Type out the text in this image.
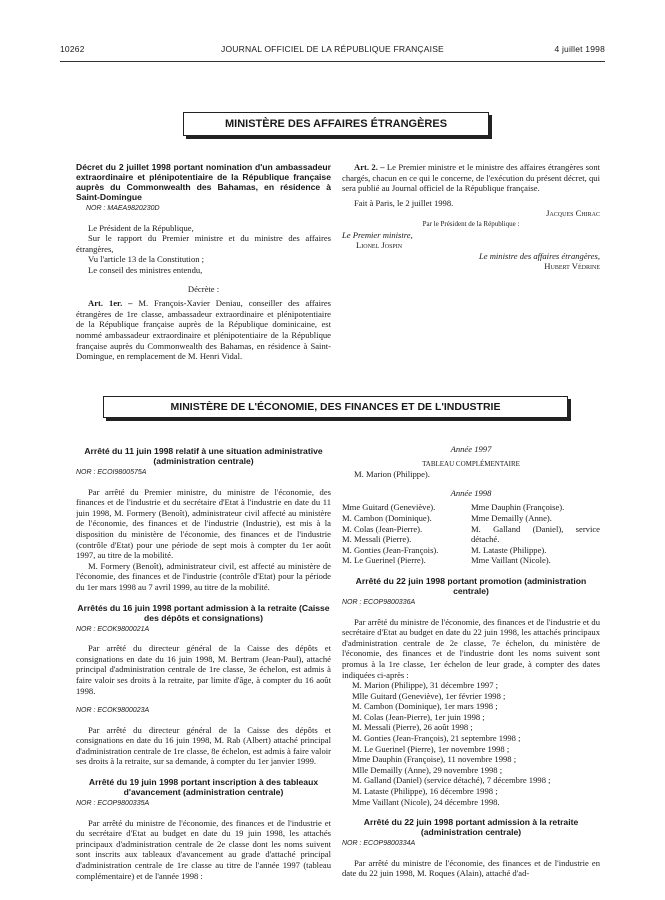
10262	JOURNAL OFFICIEL DE LA RÉPUBLIQUE FRANÇAISE	4 juillet 1998
MINISTÈRE DES AFFAIRES ÉTRANGÈRES

Décret du 2 juillet 1998 portant nomination d'un ambassadeur extraordinaire et plénipotentiaire de la République française auprès du Commonwealth des Bahamas, en résidence à Saint-Domingue

NOR : MAEA9820230D

Le Président de la République,

Sur le rapport du Premier ministre et du ministre des affaires étrangères,

Vu l'article 13 de la Constitution ;

Le conseil des ministres entendu,

Décrète :

Art. 1er. – M. François-Xavier Deniau, conseiller des affaires étrangères de 1re classe, ambassadeur extraordinaire et plénipotentiaire de la République française auprès de la République dominicaine, est nommé ambassadeur extraordinaire et plénipotentiaire de la République française auprès du Commonwealth des Bahamas, en résidence à Saint-Domingue, en remplacement de M. Henri Vidal.

Art. 2. – Le Premier ministre et le ministre des affaires étrangères sont chargés, chacun en ce qui le concerne, de l'exécution du présent décret, qui sera publié au Journal officiel de la République française.

Fait à Paris, le 2 juillet 1998.

Jacques Chirac

Par le Président de la République :

Le Premier ministre,

Lionel Jospin

Le ministre des affaires étrangères,

Hubert Védrine

MINISTÈRE DE L'ÉCONOMIE, DES FINANCES ET DE L'INDUSTRIE

Arrêté du 11 juin 1998 relatif à une situation administrative (administration centrale)

NOR : ECOI9800575A

Par arrêté du Premier ministre, du ministre de l'économie, des finances et de l'industrie et du secrétaire d'Etat à l'industrie en date du 11 juin 1998, M. Formery (Benoît), administrateur civil affecté au ministère de l'économie, des finances et de l'industrie (Industrie), est mis à la disposition du ministère de l'économie, des finances et de l'industrie (contrôle d'Etat) pour une période de sept mois à compter du 1er août 1997, au titre de la mobilité.

M. Formery (Benoît), administrateur civil, est affecté au ministère de l'économie, des finances et de l'industrie (contrôle d'Etat) pour la période du 1er mars 1998 au 7 avril 1999, au titre de la mobilité.

Arrêtés du 16 juin 1998 portant admission à la retraite (Caisse des dépôts et consignations)

NOR : ECOK9800021A

Par arrêté du directeur général de la Caisse des dépôts et consignations en date du 16 juin 1998, M. Bertram (Jean-Paul), attaché principal d'administration centrale de 1re classe, 3e échelon, est admis à faire valoir ses droits à la retraite, par limite d'âge, à compter du 16 août 1998.

NOR : ECOK9800023A

Par arrêté du directeur général de la Caisse des dépôts et consignations en date du 16 juin 1998, M. Rab (Albert) attaché principal d'administration centrale de 1re classe, 8e échelon, est admis à faire valoir ses droits à la retraite, sur sa demande, à compter du 1er janvier 1999.

Arrêté du 19 juin 1998 portant inscription à des tableaux d'avancement (administration centrale)

NOR : ECOP9800335A

Par arrêté du ministre de l'économie, des finances et de l'industrie et du secrétaire d'Etat au budget en date du 19 juin 1998, les attachés principaux d'administration centrale de 2e classe dont les noms suivent sont inscrits aux tableaux d'avancement au grade d'attaché principal d'administration centrale de 1re classe au titre de l'année 1997 (tableau complémentaire) et de l'année 1998 :

Année 1997

TABLEAU COMPLÉMENTAIRE

M. Marion (Philippe).

Année 1998

Mme Guitard (Geneviève).

M. Cambon (Dominique).

M. Colas (Jean-Pierre).

M. Messali (Pierre).

M. Gonties (Jean-François).

M. Le Guerinel (Pierre).

Mme Dauphin (Françoise).

Mme Demailly (Anne).

M. Galland (Daniel), service détaché.

M. Lataste (Philippe).

Mme Vaillant (Nicole).

Arrêté du 22 juin 1998 portant promotion (administration centrale)

NOR : ECOP9800336A

Par arrêté du ministre de l'économie, des finances et de l'industrie et du secrétaire d'Etat au budget en date du 22 juin 1998, les attachés principaux d'administration centrale de 2e classe, 7e échelon, du ministère de l'économie, des finances et de l'industrie dont les noms suivent sont promus à la 1re classe, 1er échelon de leur grade, à compter des dates indiquées ci-après :

M. Marion (Philippe), 31 décembre 1997 ;

Mlle Guitard (Geneviève), 1er février 1998 ;

M. Cambon (Dominique), 1er mars 1998 ;

M. Colas (Jean-Pierre), 1er juin 1998 ;

M. Messali (Pierre), 26 août 1998 ;

M. Gonties (Jean-François), 21 septembre 1998 ;

M. Le Guerinel (Pierre), 1er novembre 1998 ;

Mme Dauphin (Françoise), 11 novembre 1998 ;

Mlle Demailly (Anne), 29 novembre 1998 ;

M. Galland (Daniel) (service détaché), 7 décembre 1998 ;

M. Lataste (Philippe), 16 décembre 1998 ;

Mme Vaillant (Nicole), 24 décembre 1998.

Arrêté du 22 juin 1998 portant admission à la retraite (administration centrale)

NOR : ECOP9800334A

Par arrêté du ministre de l'économie, des finances et de l'industrie en date du 22 juin 1998, M. Roques (Alain), attaché d'ad-
